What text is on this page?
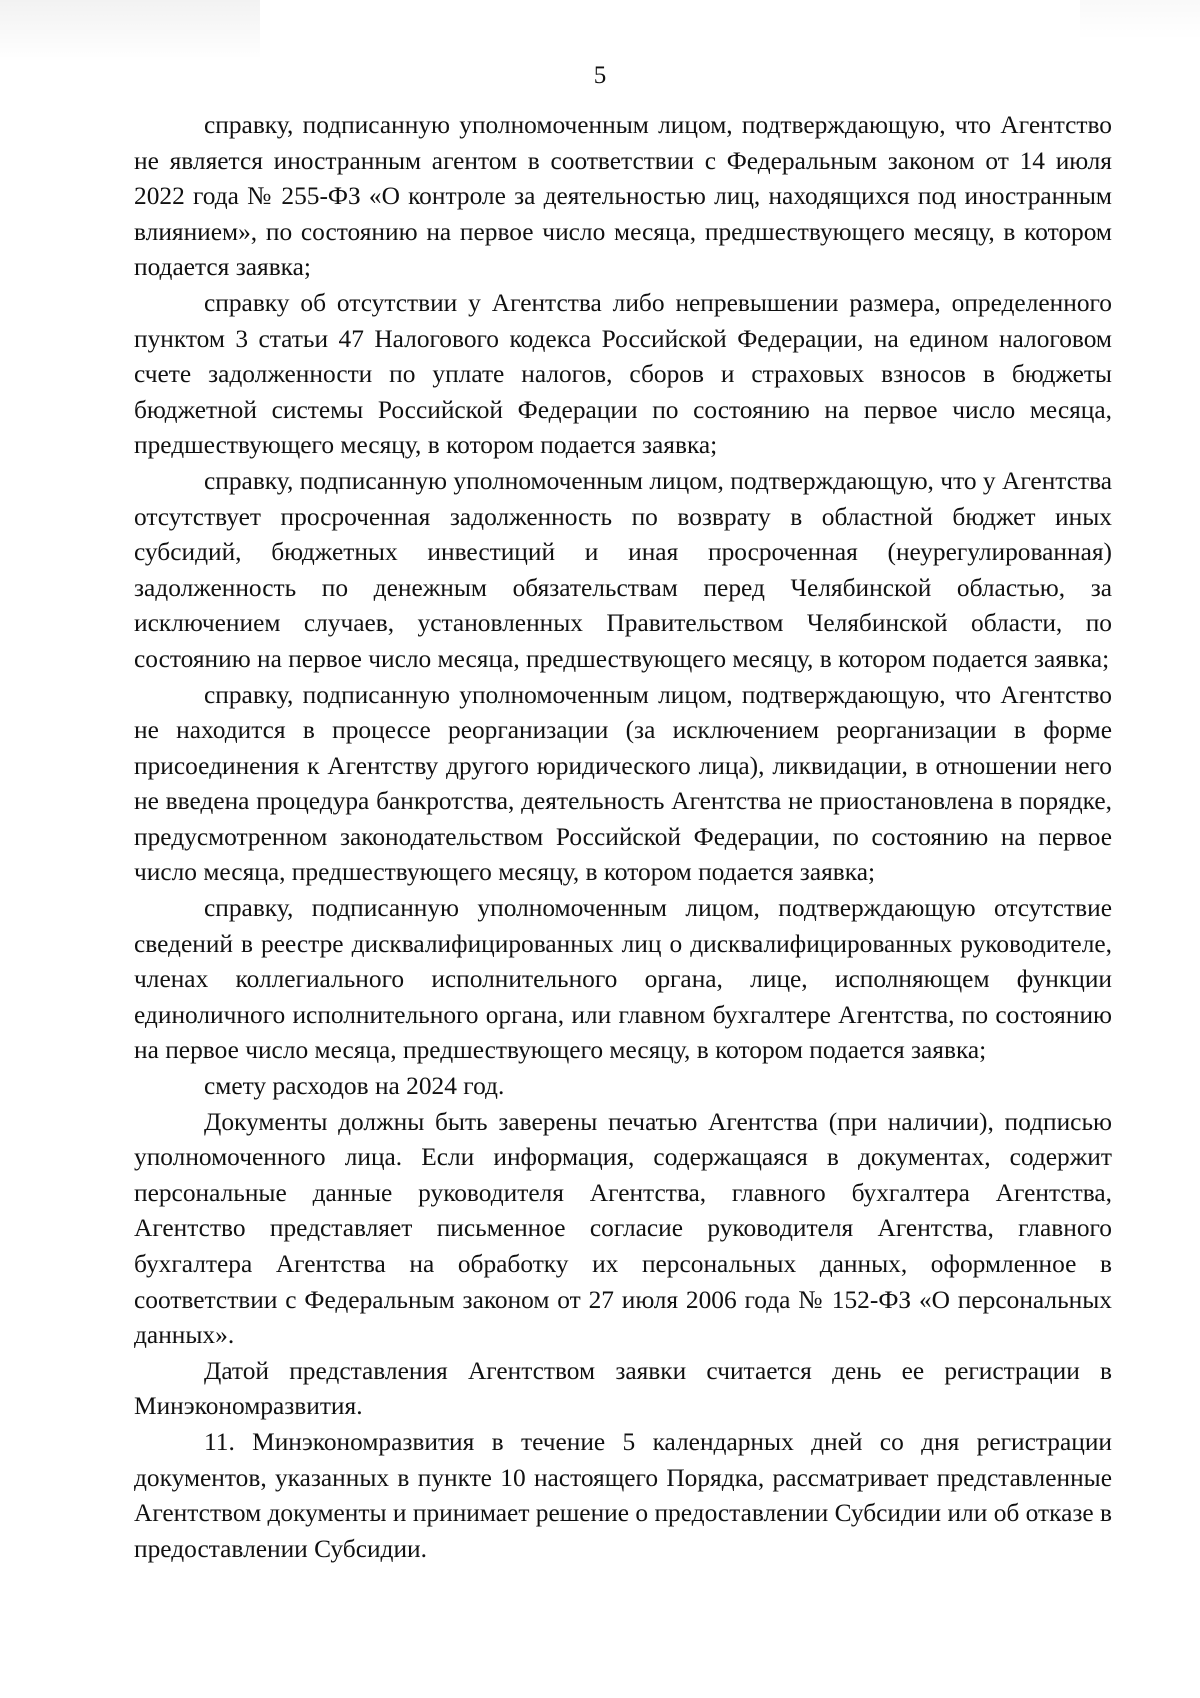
5

справку, подписанную уполномоченным лицом, подтверждающую, что Агентство не является иностранным агентом в соответствии с Федеральным законом от 14 июля 2022 года № 255-ФЗ «О контроле за деятельностью лиц, находящихся под иностранным влиянием», по состоянию на первое число месяца, предшествующего месяцу, в котором подается заявка;

справку об отсутствии у Агентства либо непревышении размера, определенного пунктом 3 статьи 47 Налогового кодекса Российской Федерации, на едином налоговом счете задолженности по уплате налогов, сборов и страховых взносов в бюджеты бюджетной системы Российской Федерации по состоянию на первое число месяца, предшествующего месяцу, в котором подается заявка;

справку, подписанную уполномоченным лицом, подтверждающую, что у Агентства отсутствует просроченная задолженность по возврату в областной бюджет иных субсидий, бюджетных инвестиций и иная просроченная (неурегулированная) задолженность по денежным обязательствам перед Челябинской областью, за исключением случаев, установленных Правительством Челябинской области, по состоянию на первое число месяца, предшествующего месяцу, в котором подается заявка;

справку, подписанную уполномоченным лицом, подтверждающую, что Агентство не находится в процессе реорганизации (за исключением реорганизации в форме присоединения к Агентству другого юридического лица), ликвидации, в отношении него не введена процедура банкротства, деятельность Агентства не приостановлена в порядке, предусмотренном законодательством Российской Федерации, по состоянию на первое число месяца, предшествующего месяцу, в котором подается заявка;

справку, подписанную уполномоченным лицом, подтверждающую отсутствие сведений в реестре дисквалифицированных лиц о дисквалифицированных руководителе, членах коллегиального исполнительного органа, лице, исполняющем функции единоличного исполнительного органа, или главном бухгалтере Агентства, по состоянию на первое число месяца, предшествующего месяцу, в котором подается заявка;

смету расходов на 2024 год.

Документы должны быть заверены печатью Агентства (при наличии), подписью уполномоченного лица. Если информация, содержащаяся в документах, содержит персональные данные руководителя Агентства, главного бухгалтера Агентства, Агентство представляет письменное согласие руководителя Агентства, главного бухгалтера Агентства на обработку их персональных данных, оформленное в соответствии с Федеральным законом от 27 июля 2006 года № 152-ФЗ «О персональных данных».

Датой представления Агентством заявки считается день ее регистрации в Минэкономразвития.

11. Минэкономразвития в течение 5 календарных дней со дня регистрации документов, указанных в пункте 10 настоящего Порядка, рассматривает представленные Агентством документы и принимает решение о предоставлении Субсидии или об отказе в предоставлении Субсидии.
